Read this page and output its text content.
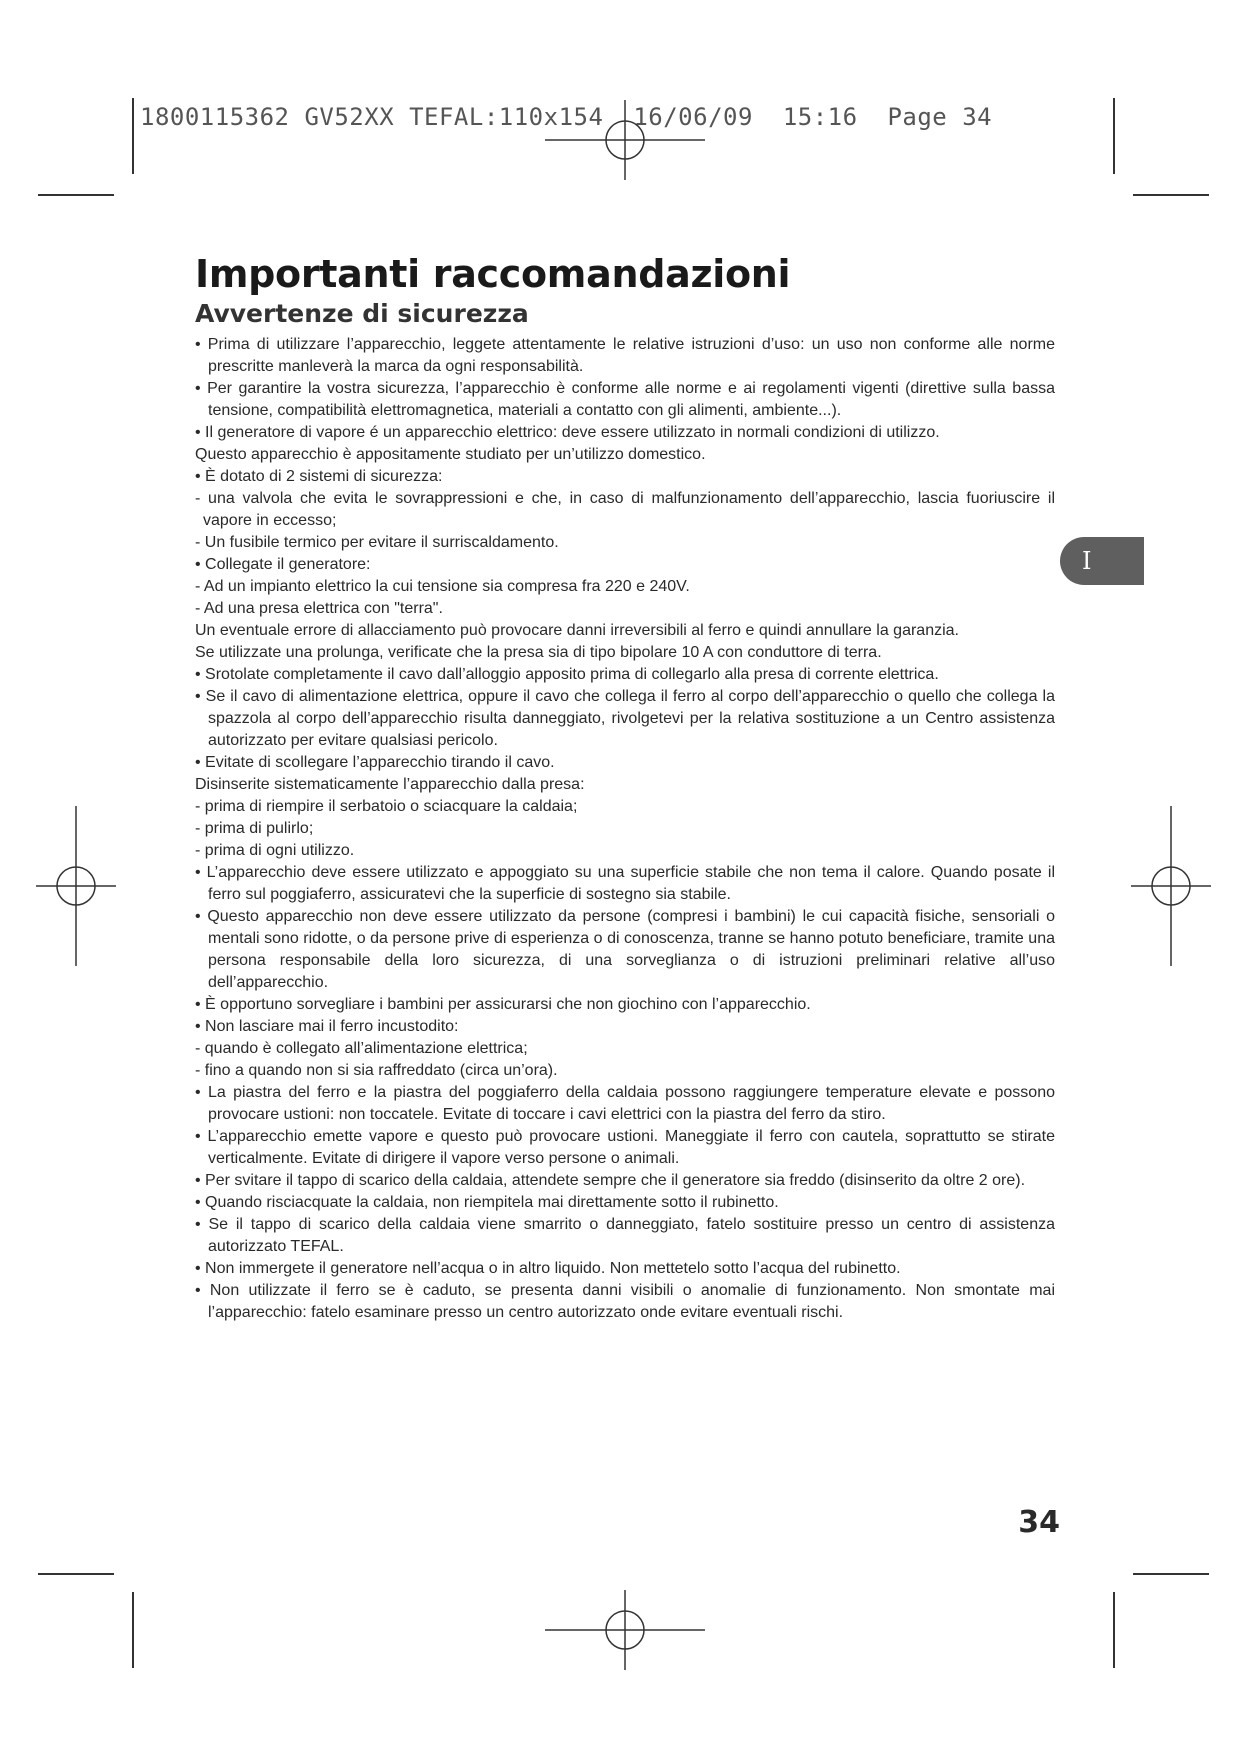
1800115362 GV52XX TEFAL:110x154  16/06/09  15:16  Page 34
I
Importanti raccomandazioni
Avvertenze di sicurezza
• Prima di utilizzare l’apparecchio, leggete attentamente le relative istruzioni d’uso: un uso non conforme alle norme prescritte manleverà la marca da ogni responsabilità.
• Per garantire la vostra sicurezza, l’apparecchio è conforme alle norme e ai regolamenti vigenti (direttive sulla bassa tensione, compatibilità elettromagnetica, materiali a contatto con gli alimenti, ambiente...).
• Il generatore di vapore é un apparecchio elettrico: deve essere utilizzato in normali condizioni di utilizzo.
Questo apparecchio è appositamente studiato per un’utilizzo domestico.
• È dotato di 2 sistemi di sicurezza:
- una valvola che evita le sovrappressioni e che, in caso di malfunzionamento dell’apparecchio, lascia fuoriuscire il vapore in eccesso;
- Un fusibile termico per evitare il surriscaldamento.
• Collegate il generatore:
- Ad un impianto elettrico la cui tensione sia compresa fra 220 e 240V.
- Ad una presa elettrica con "terra".
Un eventuale errore di allacciamento può provocare danni irreversibili al ferro e quindi annullare la garanzia.
Se utilizzate una prolunga, verificate che la presa sia di tipo bipolare 10 A con conduttore di terra.
• Srotolate completamente il cavo dall’alloggio apposito prima di collegarlo alla presa di corrente elettrica.
• Se il cavo di alimentazione elettrica, oppure il cavo che collega il ferro al corpo dell’apparecchio o quello che collega la spazzola al corpo dell’apparecchio risulta danneggiato, rivolgetevi per la relativa sostituzione a un Centro assistenza autorizzato per evitare qualsiasi pericolo.
• Evitate di scollegare l’apparecchio tirando il cavo.
Disinserite sistematicamente l’apparecchio dalla presa:
- prima di riempire il serbatoio o sciacquare la caldaia;
- prima di pulirlo;
- prima di ogni utilizzo.
• L’apparecchio deve essere utilizzato e appoggiato su una superficie stabile che non tema il calore. Quando posate il ferro sul poggiaferro, assicuratevi che la superficie di sostegno sia stabile.
• Questo apparecchio non deve essere utilizzato da persone (compresi i bambini) le cui capacità fisiche, sensoriali o mentali sono ridotte, o da persone prive di esperienza o di conoscenza, tranne se hanno potuto beneficiare, tramite una persona responsabile della loro sicurezza, di una sorveglianza o di istruzioni preliminari relative all’uso dell’apparecchio.
• È opportuno sorvegliare i bambini per assicurarsi che non giochino con l’apparecchio.
• Non lasciare mai il ferro incustodito:
- quando è collegato all’alimentazione elettrica;
- fino a quando non si sia raffreddato (circa un’ora).
• La piastra del ferro e la piastra del poggiaferro della caldaia possono raggiungere temperature elevate e possono provocare ustioni: non toccatele. Evitate di toccare i cavi elettrici con la piastra del ferro da stiro.
• L’apparecchio emette vapore e questo può provocare ustioni. Maneggiate il ferro con cautela, soprattutto se stirate verticalmente. Evitate di dirigere il vapore verso persone o animali.
• Per svitare il tappo di scarico della caldaia, attendete sempre che il generatore sia freddo (disinserito da oltre 2 ore).
• Quando risciacquate la caldaia, non riempitela mai direttamente sotto il rubinetto.
• Se il tappo di scarico della caldaia viene smarrito o danneggiato, fatelo sostituire presso un centro di assistenza autorizzato TEFAL.
• Non immergete il generatore nell’acqua o in altro liquido. Non mettetelo sotto l’acqua del rubinetto.
• Non utilizzate il ferro se è caduto, se presenta danni visibili o anomalie di funzionamento. Non smontate mai l’apparecchio: fatelo esaminare presso un centro autorizzato onde evitare eventuali rischi.
34
